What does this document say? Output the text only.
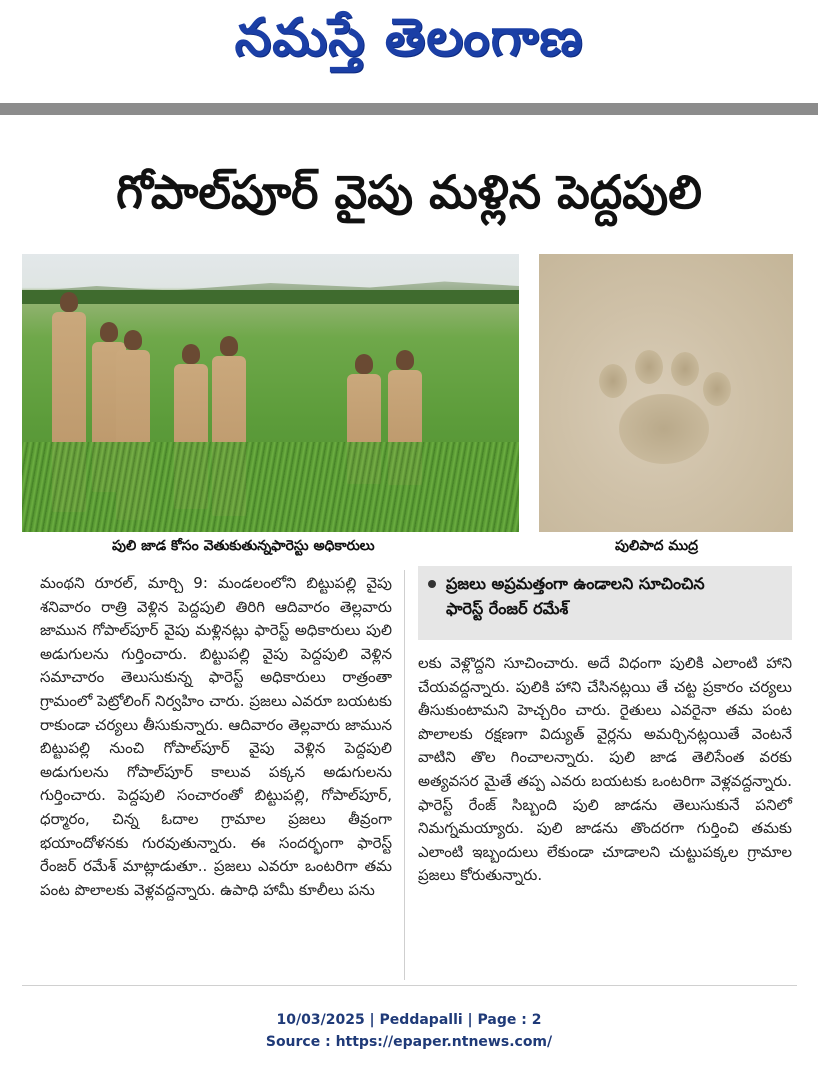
నమస్తే తెలంగాణ
గోపాల్‌పూర్ వైపు మళ్లిన పెద్దపులి
పులి జాడ కోసం వెతుకుతున్నఫారెస్టు అధికారులు	పులిపాద ముద్ర
మంథని రూరల్, మార్చి 9: మండలంలోని బిట్టుపల్లి వైపు శనివారం రాత్రి వెళ్లిన పెద్దపులి తిరిగి ఆదివారం తెల్లవారు జామున గోపాల్‌పూర్ వైపు మళ్లినట్లు ఫారెస్ట్ అధికారులు పులి అడుగులను గుర్తించారు. బిట్టుపల్లి వైపు పెద్దపులి వెళ్లిన సమాచారం తెలుసుకున్న ఫారెస్ట్ అధికారులు రాత్రంతా గ్రామంలో పెట్రోలింగ్ నిర్వహిం చారు. ప్రజలు ఎవరూ బయటకు రాకుండా చర్యలు తీసుకున్నారు. ఆదివారం తెల్లవారు జామున బిట్టుపల్లి నుంచి గోపాల్‌పూర్ వైపు వెళ్లిన పెద్దపులి అడుగులను గోపాల్‌పూర్ కాలువ పక్కన అడుగులను గుర్తించారు. పెద్దపులి సంచారంతో బిట్టుపల్లి, గోపాల్‌పూర్, ధర్మారం, చిన్న ఓదాల గ్రామాల ప్రజలు తీవ్రంగా భయాందోళనకు గురవుతున్నారు. ఈ సందర్భంగా ఫారెస్ట్ రేంజర్ రమేశ్ మాట్లాడుతూ.. ప్రజలు ఎవరూ ఒంటరిగా తమ పంట పొలాలకు వెళ్లవద్దన్నారు. ఉపాధి హామీ కూలీలు పను
ప్రజలు అప్రమత్తంగా ఉండాలని సూచించిన
ఫారెస్ట్ రేంజర్ రమేశ్
లకు వెళ్లొద్దని సూచించారు. అదే విధంగా పులికి ఎలాంటి హాని చేయవద్దన్నారు. పులికి హాని చేసినట్లయి తే చట్ట ప్రకారం చర్యలు తీసుకుంటామని హెచ్చరిం చారు. రైతులు ఎవరైనా తమ పంట పొలాలకు రక్షణగా విద్యుత్ వైర్లను అమర్చినట్లయితే వెంటనే వాటిని తొల గించాలన్నారు. పులి జాడ తెలిసేంత వరకు అత్యవసర మైతే తప్ప ఎవరు బయటకు ఒంటరిగా వెళ్లవద్దన్నారు. ఫారెస్ట్ రేంజ్ సిబ్బంది పులి జాడను తెలుసుకునే పనిలో నిమగ్నమయ్యారు. పులి జాడను తొందరగా గుర్తించి తమకు ఎలాంటి ఇబ్బందులు లేకుండా చూడాలని చుట్టుపక్కల గ్రామాల ప్రజలు కోరుతున్నారు.
10/03/2025 | Peddapalli | Page : 2
Source : https://epaper.ntnews.com/
